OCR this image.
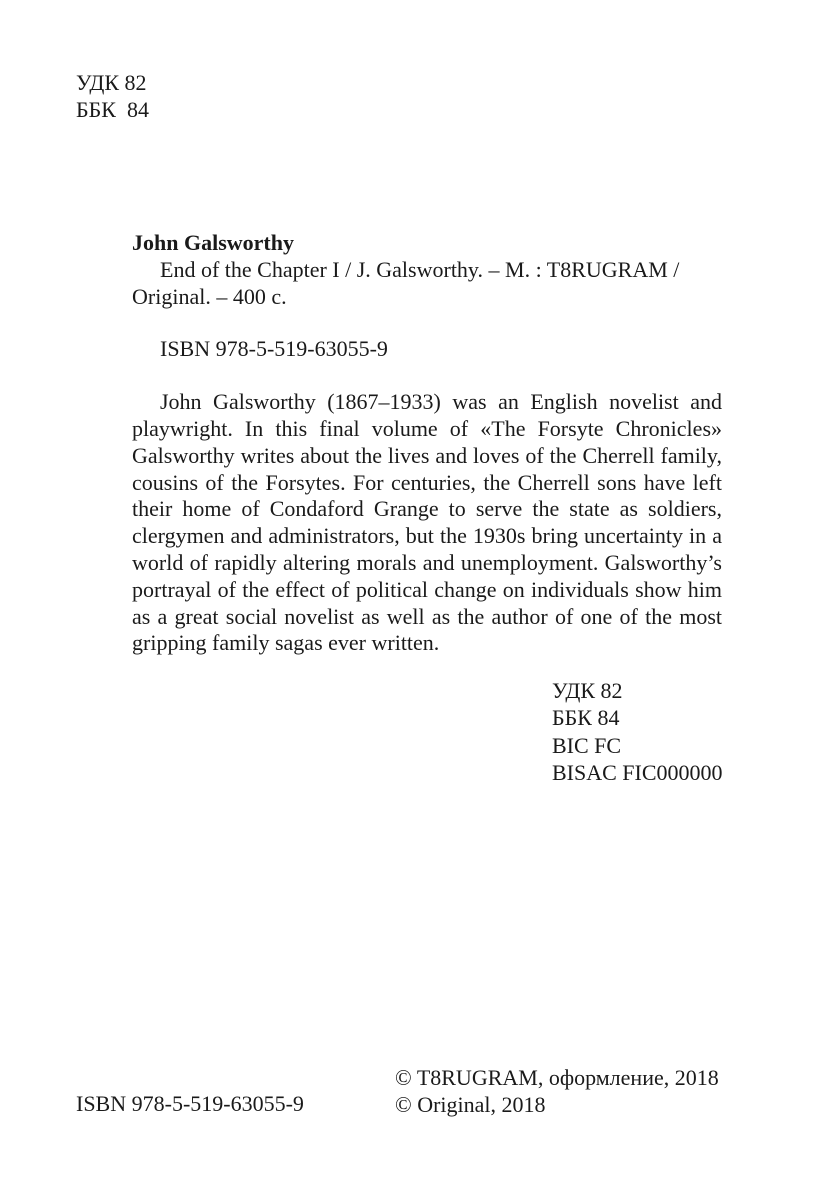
УДК 82
ББК  84

John Galsworthy

End of the Chapter I / J. Galsworthy. – M. : T8RUGRAM / Original. – 400 c.

ISBN 978-5-519-63055-9

John Galsworthy (1867–1933) was an English novelist and playwright. In this final volume of «The Forsyte Chronicles» Galsworthy writes about the lives and loves of the Cherrell family, cousins of the Forsytes. For centuries, the Cherrell sons have left their home of Condaford Grange to serve the state as soldiers, clergymen and administrators, but the 1930s bring uncertainty in a world of rapidly altering morals and unemployment. Galsworthy’s portrayal of the effect of political change on individuals show him as a great social novelist as well as the author of one of the most gripping family sagas ever written.

УДК 82
ББК 84
BIC FC
BISAC FIC000000
ISBN 978-5-519-63055-9
© T8RUGRAM, оформление, 2018
© Original, 2018
